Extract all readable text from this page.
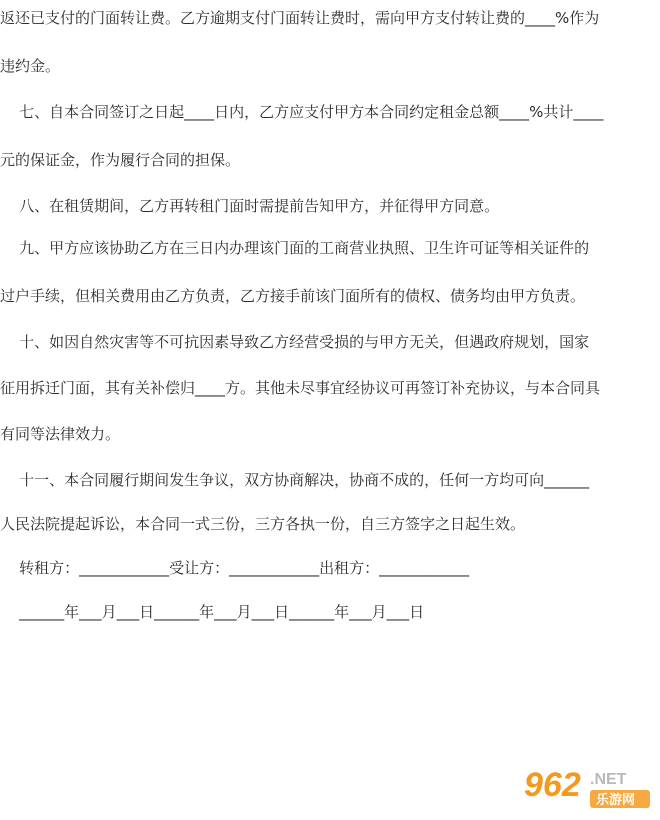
返还已支付的门面转让费。乙方逾期支付门面转让费时，需向甲方支付转让费的____%作为
违约金。
七、自本合同签订之日起____日内，乙方应支付甲方本合同约定租金总额____%共计____
元的保证金，作为履行合同的担保。
八、在租赁期间，乙方再转租门面时需提前告知甲方，并征得甲方同意。
九、甲方应该协助乙方在三日内办理该门面的工商营业执照、卫生许可证等相关证件的
过户手续，但相关费用由乙方负责，乙方接手前该门面所有的债权、债务均由甲方负责。
十、如因自然灾害等不可抗因素导致乙方经营受损的与甲方无关，但遇政府规划，国家
征用拆迁门面，其有关补偿归____方。其他未尽事宜经协议可再签订补充协议，与本合同具
有同等法律效力。
十一、本合同履行期间发生争议，双方协商解决，协商不成的，任何一方均可向______
人民法院提起诉讼，本合同一式三份，三方各执一份，自三方签字之日起生效。
转租方：____________受让方：____________出租方：____________
______年___月___日______年___月___日______年___月___日
962 .NET
乐游网
